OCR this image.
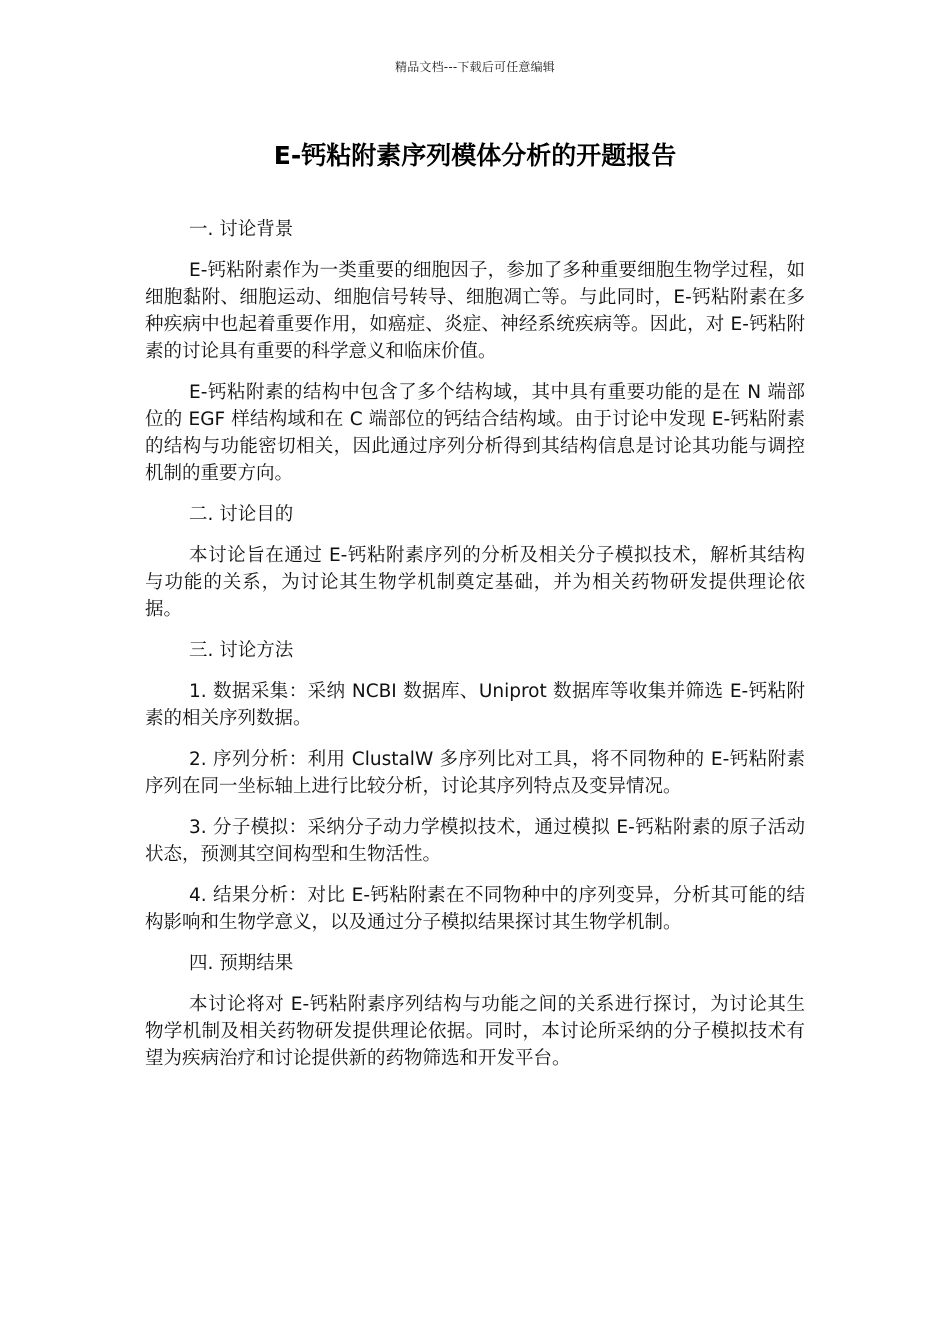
精品文档---下载后可任意编辑
E-钙粘附素序列模体分析的开题报告

一. 讨论背景

E-钙粘附素作为一类重要的细胞因子，参加了多种重要细胞生物学过程，如细胞黏附、细胞运动、细胞信号转导、细胞凋亡等。与此同时，E-钙粘附素在多种疾病中也起着重要作用，如癌症、炎症、神经系统疾病等。因此，对 E-钙粘附素的讨论具有重要的科学意义和临床价值。

E-钙粘附素的结构中包含了多个结构域，其中具有重要功能的是在 N 端部位的 EGF 样结构域和在 C 端部位的钙结合结构域。由于讨论中发现 E-钙粘附素的结构与功能密切相关，因此通过序列分析得到其结构信息是讨论其功能与调控机制的重要方向。

二. 讨论目的

本讨论旨在通过 E-钙粘附素序列的分析及相关分子模拟技术，解析其结构与功能的关系，为讨论其生物学机制奠定基础，并为相关药物研发提供理论依据。

三. 讨论方法

1. 数据采集：采纳 NCBI 数据库、Uniprot 数据库等收集并筛选 E-钙粘附素的相关序列数据。

2. 序列分析：利用 ClustalW 多序列比对工具，将不同物种的 E-钙粘附素序列在同一坐标轴上进行比较分析，讨论其序列特点及变异情况。

3. 分子模拟：采纳分子动力学模拟技术，通过模拟 E-钙粘附素的原子活动状态，预测其空间构型和生物活性。

4. 结果分析：对比 E-钙粘附素在不同物种中的序列变异，分析其可能的结构影响和生物学意义，以及通过分子模拟结果探讨其生物学机制。

四. 预期结果

本讨论将对 E-钙粘附素序列结构与功能之间的关系进行探讨，为讨论其生物学机制及相关药物研发提供理论依据。同时，本讨论所采纳的分子模拟技术有望为疾病治疗和讨论提供新的药物筛选和开发平台。
